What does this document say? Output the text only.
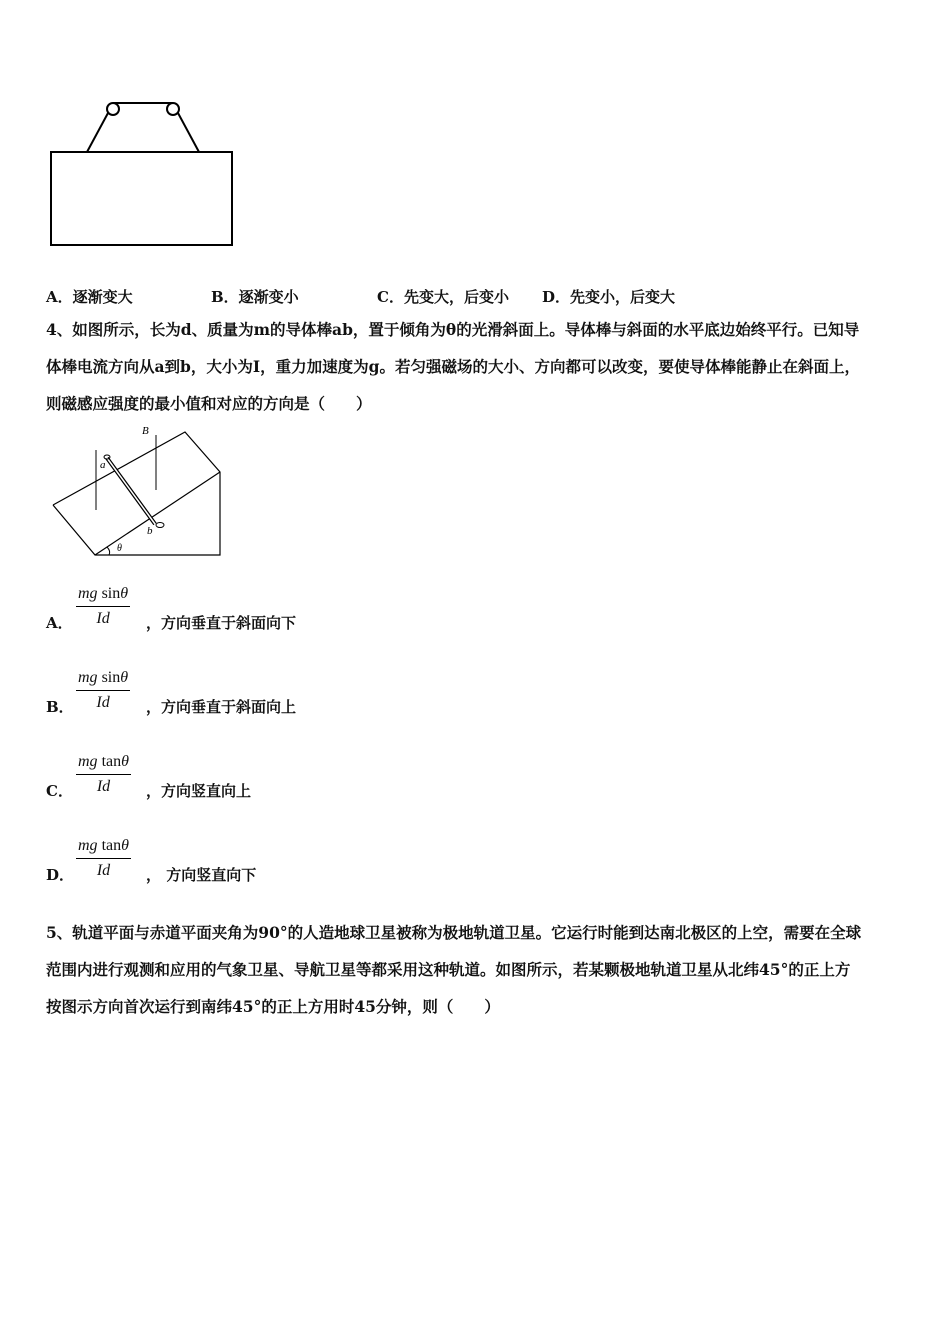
A．逐渐变大	B．逐渐变小	C．先变大，后变小 D．先变小，后变大
4、如图所示，长为d、质量为m的导体棒ab，置于倾角为θ的光滑斜面上。导体棒与斜面的水平底边始终平行。已知导
体棒电流方向从a到b，大小为I，重力加速度为g。若匀强磁场的大小、方向都可以改变，要使导体棒能静止在斜面上，
则磁感应强度的最小值和对应的方向是（　　）
B
a
b
θ
A． $\frac{\text{mg sinθ}}{Id}$ ，方向垂直于斜面向下
B． $\frac{\text{mg sinθ}}{Id}$ ，方向垂直于斜面向上
C． $\frac{\text{mg tanθ}}{Id}$ ，方向竖直向上
D． $\frac{\text{mg tanθ}}{Id}$ ， 方向竖直向下
5、轨道平面与赤道平面夹角为90°的人造地球卫星被称为极地轨道卫星。它运行时能到达南北极区的上空，需要在全球
范围内进行观测和应用的气象卫星、导航卫星等都采用这种轨道。如图所示，若某颗极地轨道卫星从北纬45°的正上方
按图示方向首次运行到南纬45°的正上方用时45分钟，则（　　）
